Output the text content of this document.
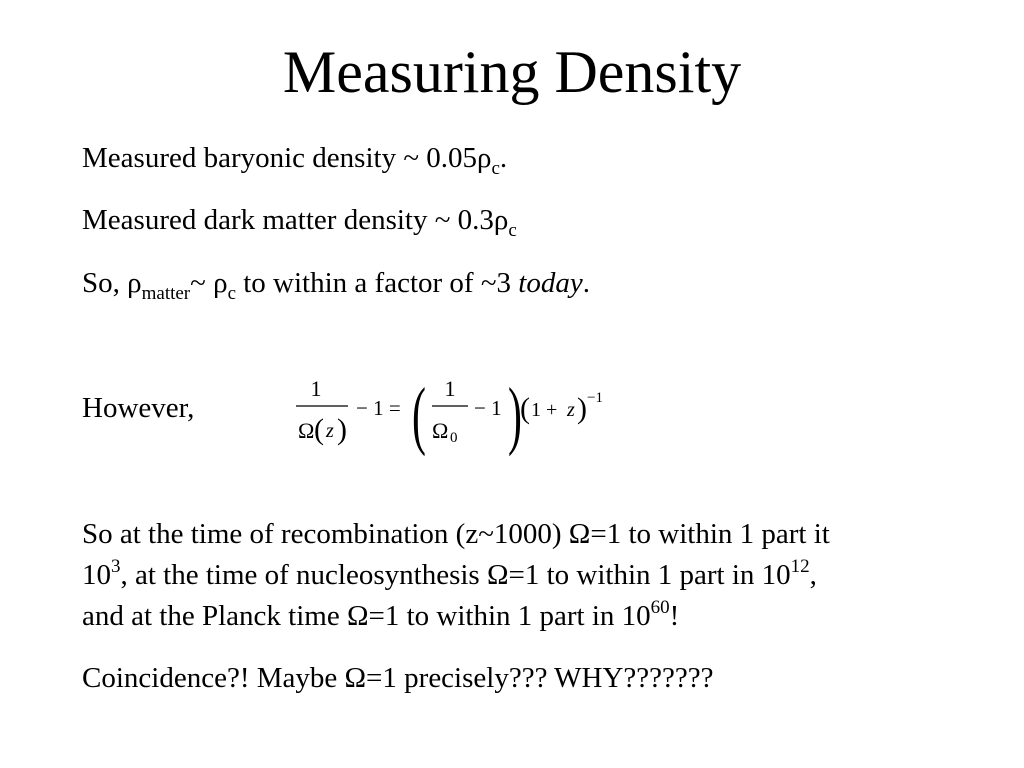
Measuring Density
Measured baryonic density ~ $0.05\rho_c$.
Measured dark matter density ~ $0.3\rho_c$
So, $\rho_{matter}\sim$ $\rho_c$ to within a factor of ~3 today.
However,
1
Ω ( z )
− 1 = ( 1
Ω 0
− 1 )
( 1 + z ) −1
So at the time of recombination (z~1000) Ω=1 to within 1 part it
$10^3$, at the time of nucleosynthesis Ω=1 to within 1 part in $10^{12}$,
and at the Planck time Ω=1 to within 1 part in $10^{60}$!
Coincidence?! Maybe Ω=1 precisely??? WHY???????
